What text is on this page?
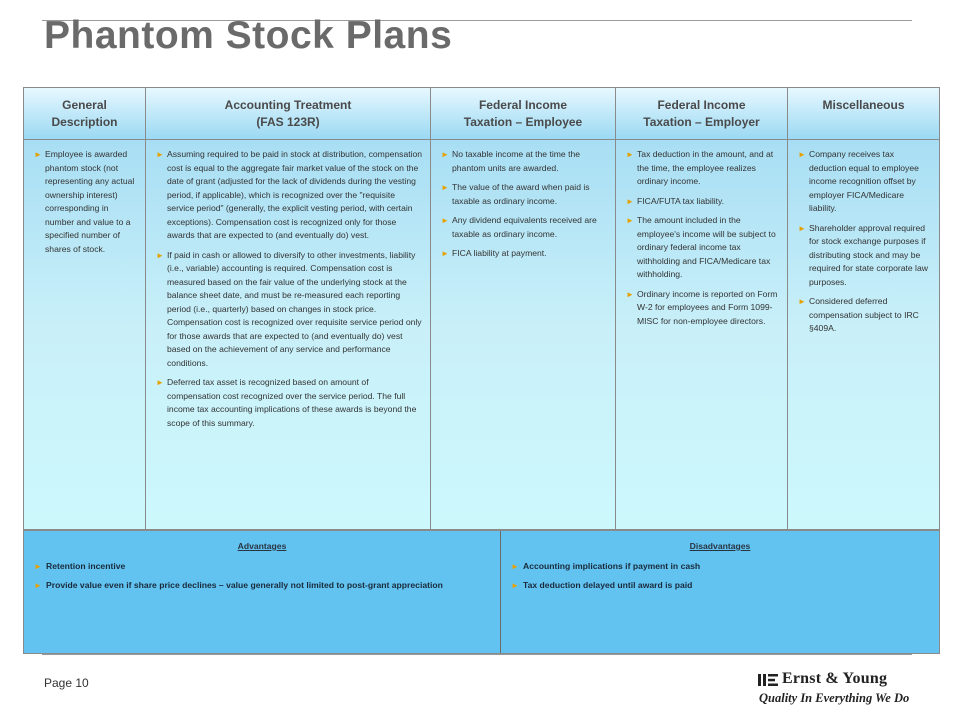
Phantom Stock Plans
General
Description
► Employee is awarded phantom stock (not representing any actual ownership interest) corresponding in number and value to a specified number of shares of stock.
Accounting Treatment
(FAS 123R)
► Assuming required to be paid in stock at distribution, compensation cost is equal to the aggregate fair market value of the stock on the date of grant (adjusted for the lack of dividends during the vesting period, if applicable), which is recognized over the "requisite service period" (generally, the explicit vesting period, with certain exceptions). Compensation cost is recognized only for those awards that are expected to (and eventually do) vest.
► If paid in cash or allowed to diversify to other investments, liability (i.e., variable) accounting is required. Compensation cost is measured based on the fair value of the underlying stock at the balance sheet date, and must be re-measured each reporting period (i.e., quarterly) based on changes in stock price. Compensation cost is recognized over requisite service period only for those awards that are expected to (and eventually do) vest based on the achievement of any service and performance conditions.
► Deferred tax asset is recognized based on amount of compensation cost recognized over the service period. The full income tax accounting implications of these awards is beyond the scope of this summary.
Federal Income
Taxation – Employee
► No taxable income at the time the phantom units are awarded.
► The value of the award when paid is taxable as ordinary income.
► Any dividend equivalents received are taxable as ordinary income.
► FICA liability at payment.
Federal Income
Taxation – Employer
► Tax deduction in the amount, and at the time, the employee realizes ordinary income.
► FICA/FUTA tax liability.
► The amount included in the employee's income will be subject to ordinary federal income tax withholding and FICA/Medicare tax withholding.
► Ordinary income is reported on Form W-2 for employees and Form 1099-MISC for non-employee directors.
Miscellaneous
► Company receives tax deduction equal to employee income recognition offset by employer FICA/Medicare liability.
► Shareholder approval required for stock exchange purposes if distributing stock and may be required for state corporate law purposes.
► Considered deferred compensation subject to IRC §409A.
Advantages
► Retention incentive
► Provide value even if share price declines – value generally not limited to post-grant appreciation
Disadvantages
► Accounting implications if payment in cash
► Tax deduction delayed until award is paid
Page 10	Ernst & Young
Quality In Everything We Do
